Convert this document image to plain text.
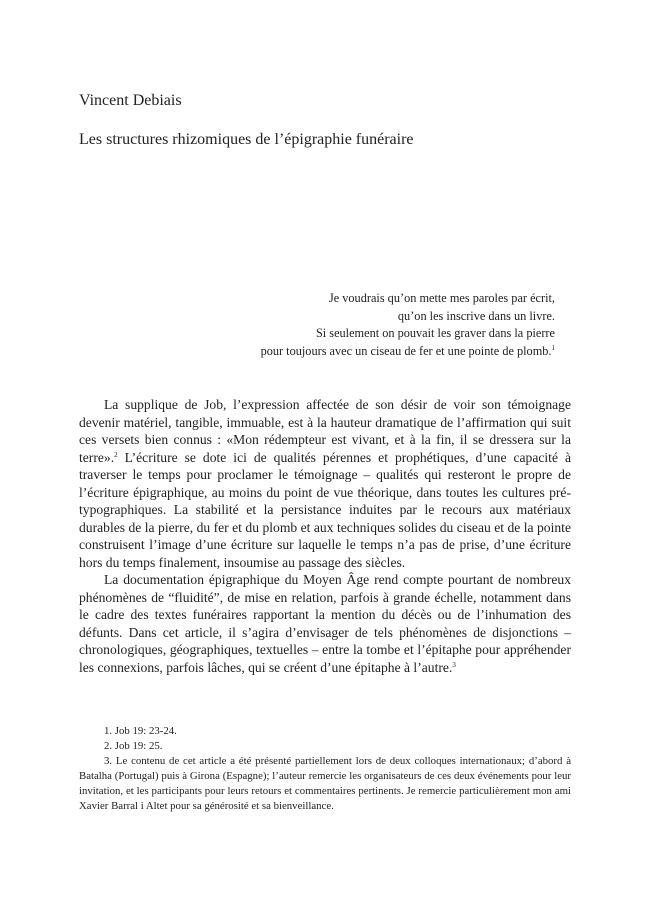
Vincent Debiais
Les structures rhizomiques de l’épigraphie funéraire
Je voudrais qu’on mette mes paroles par écrit,
qu’on les inscrive dans un livre.
Si seulement on pouvait les graver dans la pierre
pour toujours avec un ciseau de fer et une pointe de plomb.$^1$

La supplique de Job, l’expression affectée de son désir de voir son témoignage devenir matériel, tangible, immuable, est à la hauteur dramatique de l’affirmation qui suit ces versets bien connus : «Mon rédempteur est vivant, et à la fin, il se dressera sur la terre».$^2$ L’écriture se dote ici de qualités pérennes et prophétiques, d’une capacité à traverser le temps pour proclamer le témoignage – qualités qui resteront le propre de l’écriture épigraphique, au moins du point de vue théorique, dans toutes les cultures pré-typographiques. La stabilité et la persistance induites par le recours aux matériaux durables de la pierre, du fer et du plomb et aux techniques solides du ciseau et de la pointe construisent l’image d’une écriture sur laquelle le temps n’a pas de prise, d’une écriture hors du temps finalement, insoumise au passage des siècles.

La documentation épigraphique du Moyen Âge rend compte pourtant de nombreux phénomènes de “fluidité”, de mise en relation, parfois à grande échelle, notamment dans le cadre des textes funéraires rapportant la mention du décès ou de l’inhumation des défunts. Dans cet article, il s’agira d’envisager de tels phénomènes de disjonctions – chronologiques, géographiques, textuelles – entre la tombe et l’épitaphe pour appréhender les connexions, parfois lâches, qui se créent d’une épitaphe à l’autre.$^3$

1. Job 19: 23-24.

2. Job 19: 25.

3. Le contenu de cet article a été présenté partiellement lors de deux colloques internationaux; d’abord à Batalha (Portugal) puis à Girona (Espagne); l’auteur remercie les organisateurs de ces deux événements pour leur invitation, et les participants pour leurs retours et commentaires pertinents. Je remercie particulièrement mon ami Xavier Barral i Altet pour sa générosité et sa bienveillance.
